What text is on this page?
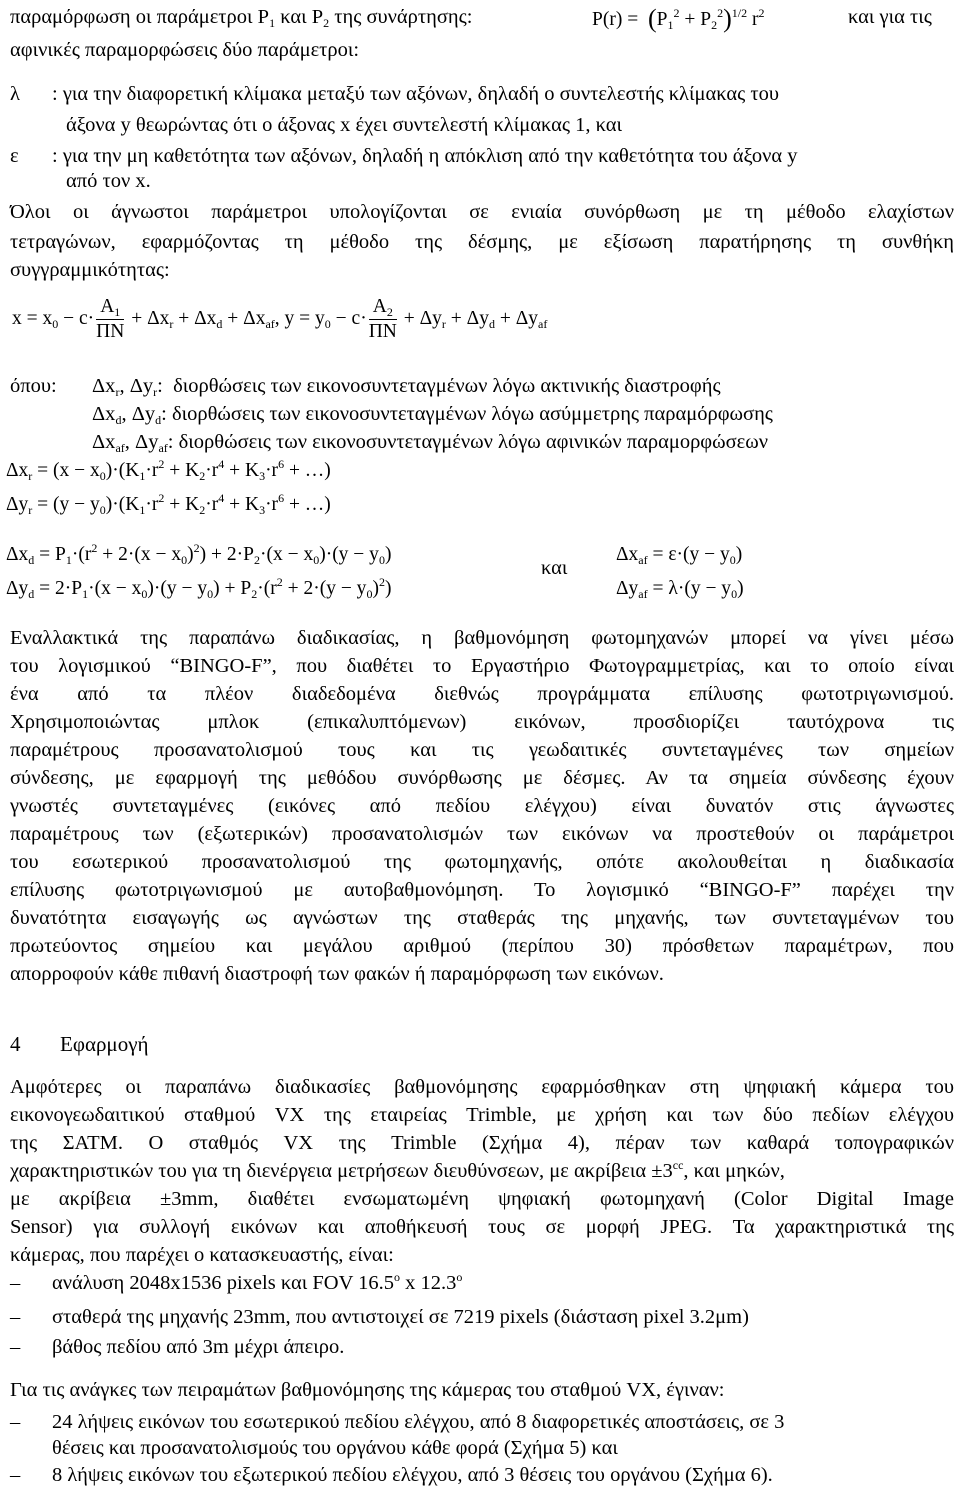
παραμόρφωση οι παράμετροι $P_1$ και $P_2$ της συνάρτησης:	$P(r) = (P_1^2 + P_2^2)^{1/2}$ $r^2$	και για τις
αφινικές παραμορφώσεις δύο παράμετροι:
λ : για την διαφορετική κλίμακα μεταξύ των αξόνων, δηλαδή ο συντελεστής κλίμακας του
άξονα y θεωρώντας ότι ο άξονας x έχει συντελεστή κλίμακας 1, και
ε : για την μη καθετότητα των αξόνων, δηλαδή η απόκλιση από την καθετότητα του άξονα y
από τον x.
Όλοι οι άγνωστοι παράμετροι υπολογίζονται σε ενιαία συνόρθωση με τη μέθοδο ελαχίστων
τετραγώνων, εφαρμόζοντας τη μέθοδο της δέσμης, με εξίσωση παρατήρησης τη συνθήκη
συγγραμμικότητας:
$x = x_0 - c\cdot \frac{A_1}{\Pi N} + \Delta x_r + \Delta x_d + \Delta x_{af}$, $y = y_0 - c\cdot \frac{A_2}{\Pi N} + \Delta y_r + \Delta y_d + \Delta y_{af}$
όπου: $\Delta x_r$, $\Delta y_r$:  διορθώσεις των εικονοσυντεταγμένων λόγω ακτινικής διαστροφής
$\Delta x_d$, $\Delta y_d$: διορθώσεις των εικονοσυντεταγμένων λόγω ασύμμετρης παραμόρφωσης
$\Delta x_{af}$, $\Delta y_{af}$: διορθώσεις των εικονοσυντεταγμένων λόγω αφινικών παραμορφώσεων
$\Delta x_r = (x - x_0)\cdot(K_1\cdot r^2 + K_2\cdot r^4 + K_3\cdot r^6$ + …)
$\Delta y_r = (y - y_0)\cdot(K_1\cdot r^2 + K_2\cdot r^4 + K_3\cdot r^6$ + …)
$\Delta x_d = P_1\cdot(r^2 + 2\cdot(x - x_0)^2) + 2\cdot P_2\cdot(x - x_0)\cdot(y - y_0)$
$\Delta y_d = 2\cdot P_1\cdot(x - x_0)\cdot(y - y_0) + P_2\cdot(r^2 + 2\cdot(y - y_0)^2)$
και
$\Delta x_{af} = \varepsilon\cdot(y - y_0)$
$\Delta y_{af} = \lambda\cdot(y - y_0)$
Εναλλακτικά της παραπάνω διαδικασίας, η βαθμονόμηση φωτομηχανών μπορεί να γίνει μέσω
του λογισμικού “BINGO-F”, που διαθέτει το Εργαστήριο Φωτογραμμετρίας, και το οποίο είναι
ένα από τα πλέον διαδεδομένα διεθνώς προγράμματα επίλυσης φωτοτριγωνισμού.
Χρησιμοποιώντας μπλοκ (επικαλυπτόμενων) εικόνων, προσδιορίζει ταυτόχρονα τις
παραμέτρους προσανατολισμού τους και τις γεωδαιτικές συντεταγμένες των σημείων
σύνδεσης, με εφαρμογή της μεθόδου συνόρθωσης με δέσμες. Αν τα σημεία σύνδεσης έχουν
γνωστές συντεταγμένες (εικόνες από πεδίου ελέγχου) είναι δυνατόν στις άγνωστες
παραμέτρους των (εξωτερικών) προσανατολισμών των εικόνων να προστεθούν οι παράμετροι
του εσωτερικού προσανατολισμού της φωτομηχανής, οπότε ακολουθείται η διαδικασία
επίλυσης φωτοτριγωνισμού με αυτοβαθμονόμηση. Το λογισμικό “BINGO-F” παρέχει την
δυνατότητα εισαγωγής ως αγνώστων της σταθεράς της μηχανής, των συντεταγμένων του
πρωτεύοντος σημείου και μεγάλου αριθμού (περίπου 30) πρόσθετων παραμέτρων, που
απορροφούν κάθε πιθανή διαστροφή των φακών ή παραμόρφωση των εικόνων.
4 Εφαρμογή
Αμφότερες οι παραπάνω διαδικασίες βαθμονόμησης εφαρμόσθηκαν στη ψηφιακή κάμερα του
εικονογεωδαιτικού σταθμού VX της εταιρείας Trimble, με χρήση και των δύο πεδίων ελέγχου
της ΣΑΤΜ. Ο σταθμός VX της Trimble (Σχήμα 4), πέραν των καθαρά τοπογραφικών
χαρακτηριστικών του για τη διενέργεια μετρήσεων διευθύνσεων, με $\alpha\kappa\rho ί\beta\varepsilon\iota\alpha \pm 3^{cc}$, και μηκών,
με ακρίβεια ±3mm, διαθέτει ενσωματωμένη ψηφιακή φωτομηχανή (Color Digital Image
Sensor) για συλλογή εικόνων και αποθήκευσή τους σε μορφή JPEG. Τα χαρακτηριστικά της
κάμερας, που παρέχει ο κατασκευαστής, είναι:
– ανάλυση 2048x1536 pixels και FOV 16.5$^o$ x 12.3$^o$
– σταθερά της μηχανής 23mm, που αντιστοιχεί σε 7219 pixels (διάσταση pixel 3.2μm)
– βάθος πεδίου από 3m μέχρι άπειρο.
Για τις ανάγκες των πειραμάτων βαθμονόμησης της κάμερας του σταθμού VX, έγιναν:
– 24 λήψεις εικόνων του εσωτερικού πεδίου ελέγχου, από 8 διαφορετικές αποστάσεις, σε 3
θέσεις και προσανατολισμούς του οργάνου κάθε φορά (Σχήμα 5) και
– 8 λήψεις εικόνων του εξωτερικού πεδίου ελέγχου, από 3 θέσεις του οργάνου (Σχήμα 6).
